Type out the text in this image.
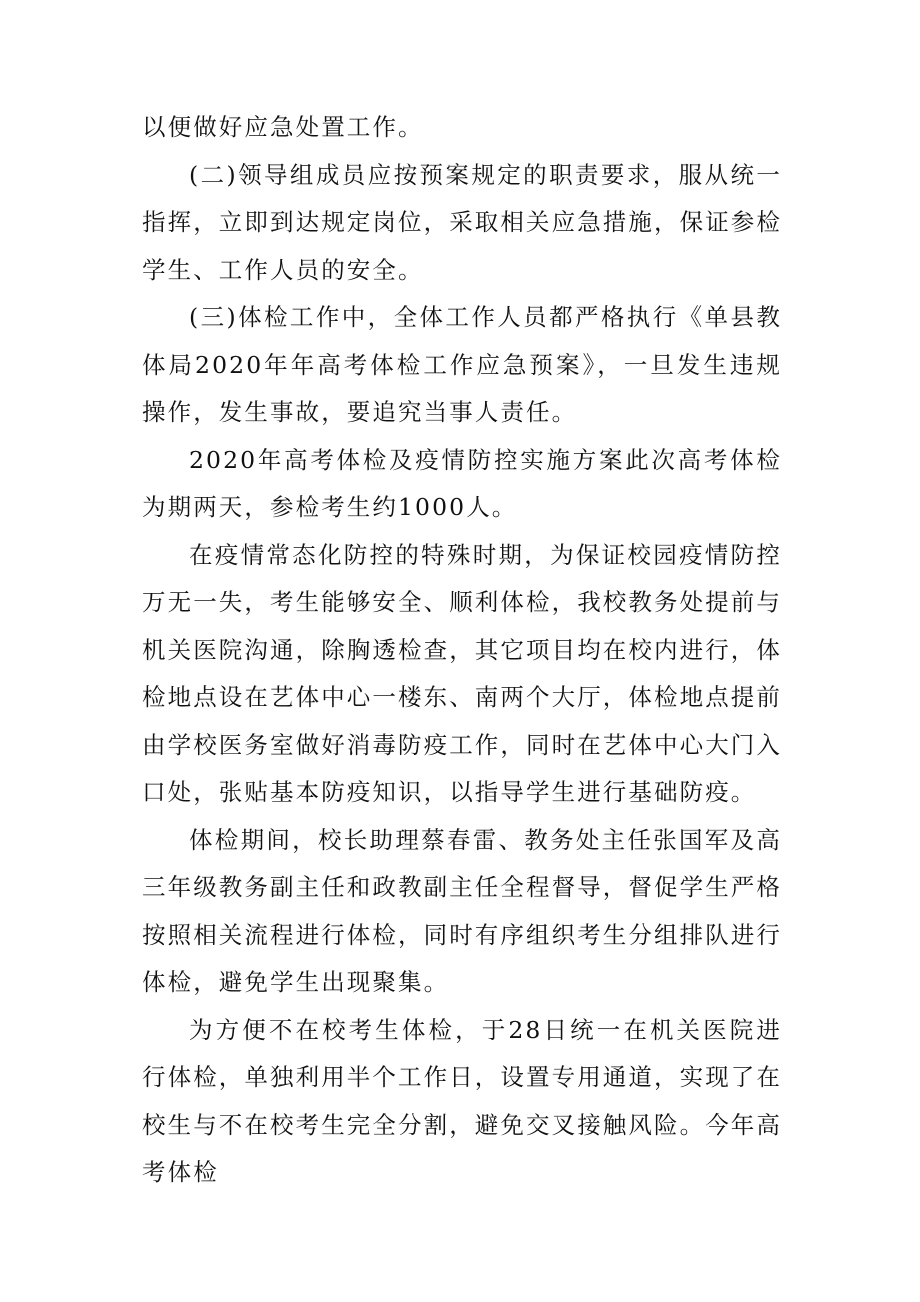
以便做好应急处置工作。

(二)领导组成员应按预案规定的职责要求，服从统一指挥，立即到达规定岗位，采取相关应急措施，保证参检学生、工作人员的安全。

(三)体检工作中，全体工作人员都严格执行《单县教体局2020年年高考体检工作应急预案》，一旦发生违规操作，发生事故，要追究当事人责任。

2020年高考体检及疫情防控实施方案此次高考体检为期两天，参检考生约1000人。

在疫情常态化防控的特殊时期，为保证校园疫情防控万无一失，考生能够安全、顺利体检，我校教务处提前与机关医院沟通，除胸透检查，其它项目均在校内进行，体检地点设在艺体中心一楼东、南两个大厅，体检地点提前由学校医务室做好消毒防疫工作，同时在艺体中心大门入口处，张贴基本防疫知识，以指导学生进行基础防疫。

体检期间，校长助理蔡春雷、教务处主任张国军及高三年级教务副主任和政教副主任全程督导，督促学生严格按照相关流程进行体检，同时有序组织考生分组排队进行体检，避免学生出现聚集。

为方便不在校考生体检，于28日统一在机关医院进行体检，单独利用半个工作日，设置专用通道，实现了在校生与不在校考生完全分割，避免交叉接触风险。今年高考体检
